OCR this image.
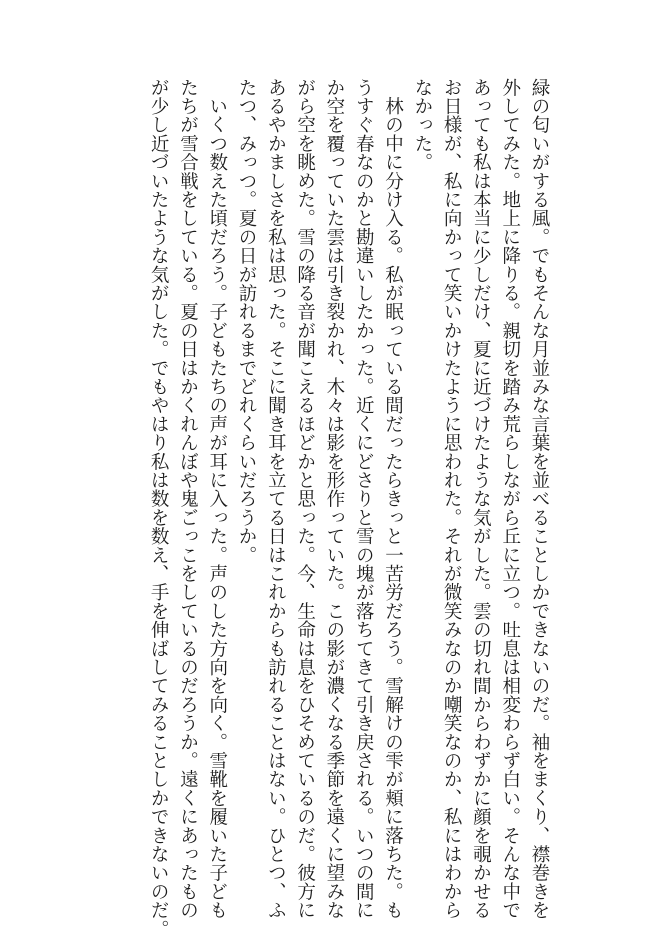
緑の匂いがする風。でもそんな月並みな言葉を並べることしかできないのだ。袖をまくり、襟巻きを
外してみた。地上に降りる。親切を踏み荒らしながら丘に立つ。吐息は相変わらず白い。そんな中で
あっても私は本当に少しだけ、夏に近づけたような気がした。雲の切れ間からわずかに顔を覗かせる
お日様が、私に向かって笑いかけたように思われた。それが微笑みなのか嘲笑なのか、私にはわから
なかった。
　林の中に分け入る。私が眠っている間だったらきっと一苦労だろう。雪解けの雫が頬に落ちた。も
うすぐ春なのかと勘違いしたかった。近くにどさりと雪の塊が落ちてきて引き戻される。いつの間に
か空を覆っていた雲は引き裂かれ、木々は影を形作っていた。この影が濃くなる季節を遠くに望みな
がら空を眺めた。雪の降る音が聞こえるほどかと思った。今、生命は息をひそめているのだ。彼方に
あるやかましさを私は思った。そこに聞き耳を立てる日はこれからも訪れることはない。ひとつ、ふ
たつ、みっつ。夏の日が訪れるまでどれくらいだろうか。
　いくつ数えた頃だろう。子どもたちの声が耳に入った。声のした方向を向く。雪靴を履いた子ども
たちが雪合戦をしている。夏の日はかくれんぼや鬼ごっこをしているのだろうか。遠くにあったもの
が少し近づいたような気がした。でもやはり私は数を数え、手を伸ばしてみることしかできないのだ。
